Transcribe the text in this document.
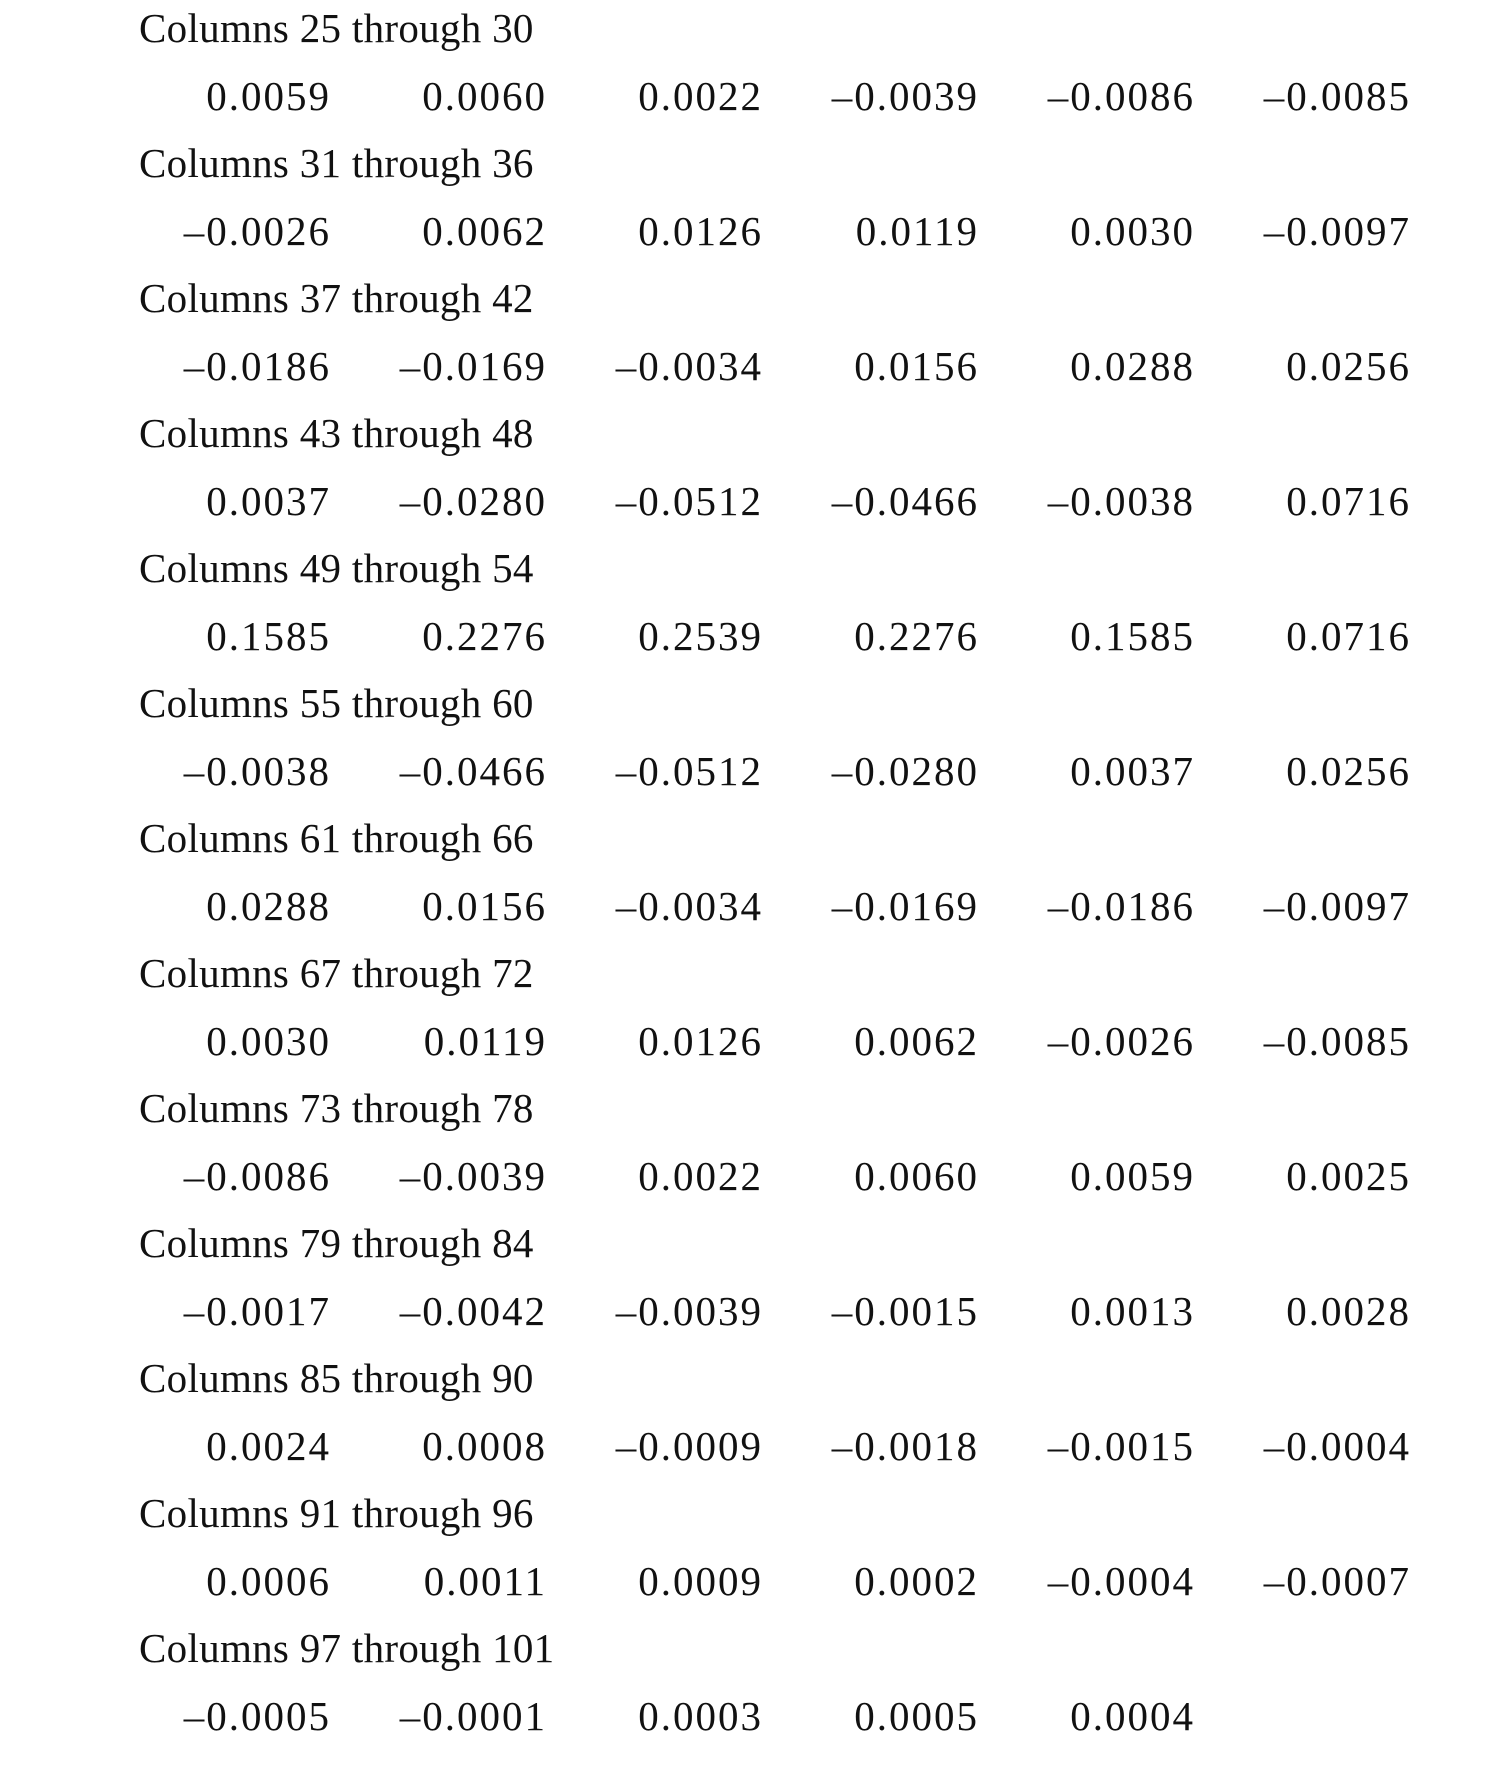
Columns 25 through 30
0.0059	0.0060	0.0022	–0.0039	–0.0086	–0.0085
Columns 31 through 36
–0.0026	0.0062	0.0126	0.0119	0.0030	–0.0097
Columns 37 through 42
–0.0186	–0.0169	–0.0034	0.0156	0.0288	0.0256
Columns 43 through 48
0.0037	–0.0280	–0.0512	–0.0466	–0.0038	0.0716
Columns 49 through 54
0.1585	0.2276	0.2539	0.2276	0.1585	0.0716
Columns 55 through 60
–0.0038	–0.0466	–0.0512	–0.0280	0.0037	0.0256
Columns 61 through 66
0.0288	0.0156	–0.0034	–0.0169	–0.0186	–0.0097
Columns 67 through 72
0.0030	0.0119	0.0126	0.0062	–0.0026	–0.0085
Columns 73 through 78
–0.0086	–0.0039	0.0022	0.0060	0.0059	0.0025
Columns 79 through 84
–0.0017	–0.0042	–0.0039	–0.0015	0.0013	0.0028
Columns 85 through 90
0.0024	0.0008	–0.0009	–0.0018	–0.0015	–0.0004
Columns 91 through 96
0.0006	0.0011	0.0009	0.0002	–0.0004	–0.0007
Columns 97 through 101
–0.0005	–0.0001	0.0003	0.0005	0.0004
